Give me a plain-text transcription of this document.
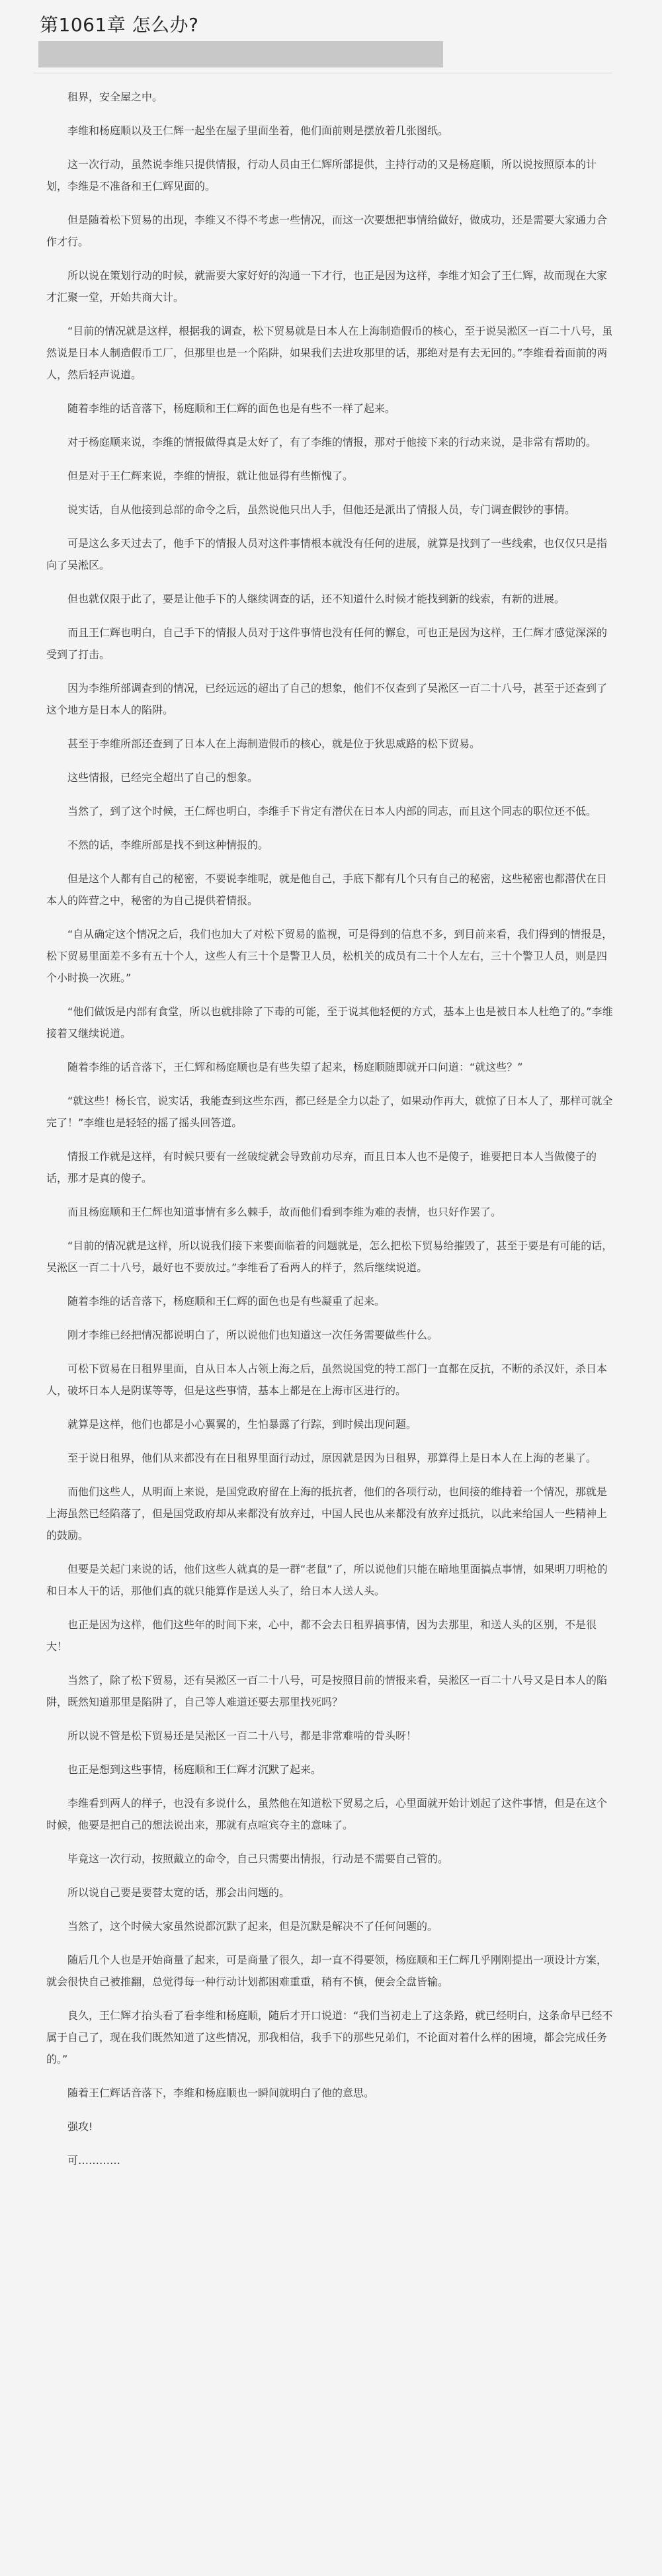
第1061章 怎么办?

租界，安全屋之中。

李维和杨庭顺以及王仁辉一起坐在屋子里面坐着，他们面前则是摆放着几张图纸。

这一次行动，虽然说李维只提供情报，行动人员由王仁辉所部提供，主持行动的又是杨庭顺，所以说按照原本的计划，李维是不准备和王仁辉见面的。

但是随着松下贸易的出现，李维又不得不考虑一些情况，而这一次要想把事情给做好，做成功，还是需要大家通力合作才行。

所以说在策划行动的时候，就需要大家好好的沟通一下才行，也正是因为这样，李维才知会了王仁辉，故而现在大家才汇聚一堂，开始共商大计。

“目前的情况就是这样，根据我的调查，松下贸易就是日本人在上海制造假币的核心，至于说吴淞区一百二十八号，虽然说是日本人制造假币工厂，但那里也是一个陷阱，如果我们去进攻那里的话，那绝对是有去无回的。”李维看着面前的两人，然后轻声说道。

随着李维的话音落下，杨庭顺和王仁辉的面色也是有些不一样了起来。

对于杨庭顺来说，李维的情报做得真是太好了，有了李维的情报，那对于他接下来的行动来说，是非常有帮助的。

但是对于王仁辉来说，李维的情报，就让他显得有些惭愧了。

说实话，自从他接到总部的命令之后，虽然说他只出人手，但他还是派出了情报人员，专门调查假钞的事情。

可是这么多天过去了，他手下的情报人员对这件事情根本就没有任何的进展，就算是找到了一些线索，也仅仅只是指向了吴淞区。

但也就仅限于此了，要是让他手下的人继续调查的话，还不知道什么时候才能找到新的线索，有新的进展。

而且王仁辉也明白，自己手下的情报人员对于这件事情也没有任何的懈怠，可也正是因为这样，王仁辉才感觉深深的受到了打击。

因为李维所部调查到的情况，已经远远的超出了自己的想象，他们不仅查到了吴淞区一百二十八号，甚至于还查到了这个地方是日本人的陷阱。

甚至于李维所部还查到了日本人在上海制造假币的核心，就是位于狄思威路的松下贸易。

这些情报，已经完全超出了自己的想象。

当然了，到了这个时候，王仁辉也明白，李维手下肯定有潜伏在日本人内部的同志，而且这个同志的职位还不低。

不然的话，李维所部是找不到这种情报的。

但是这个人都有自己的秘密，不要说李维呢，就是他自己，手底下都有几个只有自己的秘密，这些秘密也都潜伏在日本人的阵营之中，秘密的为自己提供着情报。

“自从确定这个情况之后，我们也加大了对松下贸易的监视，可是得到的信息不多，到目前来看，我们得到的情报是，松下贸易里面差不多有五十个人，这些人有三十个是警卫人员，松机关的成员有二十个人左右，三十个警卫人员，则是四个小时换一次班。”

“他们做饭是内部有食堂，所以也就排除了下毒的可能，至于说其他轻便的方式，基本上也是被日本人杜绝了的。”李维接着又继续说道。

随着李维的话音落下，王仁辉和杨庭顺也是有些失望了起来，杨庭顺随即就开口问道：“就这些？”

“就这些！杨长官，说实话，我能查到这些东西，都已经是全力以赴了，如果动作再大，就惊了日本人了，那样可就全完了！”李维也是轻轻的摇了摇头回答道。

情报工作就是这样，有时候只要有一丝破绽就会导致前功尽弃，而且日本人也不是傻子，谁要把日本人当做傻子的话，那才是真的傻子。

而且杨庭顺和王仁辉也知道事情有多么棘手，故而他们看到李维为难的表情，也只好作罢了。

“目前的情况就是这样，所以说我们接下来要面临着的问题就是，怎么把松下贸易给摧毁了，甚至于要是有可能的话，吴淞区一百二十八号，最好也不要放过。”李维看了看两人的样子，然后继续说道。

随着李维的话音落下，杨庭顺和王仁辉的面色也是有些凝重了起来。

刚才李维已经把情况都说明白了，所以说他们也知道这一次任务需要做些什么。

可松下贸易在日租界里面，自从日本人占领上海之后，虽然说国党的特工部门一直都在反抗，不断的杀汉奸，杀日本人，破坏日本人是阴谋等等，但是这些事情，基本上都是在上海市区进行的。

就算是这样，他们也都是小心翼翼的，生怕暴露了行踪，到时候出现问题。

至于说日租界，他们从来都没有在日租界里面行动过，原因就是因为日租界，那算得上是日本人在上海的老巢了。

而他们这些人，从明面上来说，是国党政府留在上海的抵抗者，他们的各项行动，也间接的维持着一个情况，那就是上海虽然已经陷落了，但是国党政府却从来都没有放弃过，中国人民也从来都没有放弃过抵抗，以此来给国人一些精神上的鼓励。

但要是关起门来说的话，他们这些人就真的是一群“老鼠”了，所以说他们只能在暗地里面搞点事情，如果明刀明枪的和日本人干的话，那他们真的就只能算作是送人头了，给日本人送人头。

也正是因为这样，他们这些年的时间下来，心中，都不会去日租界搞事情，因为去那里，和送人头的区别，不是很大！

当然了，除了松下贸易，还有吴淞区一百二十八号，可是按照目前的情报来看，吴淞区一百二十八号又是日本人的陷阱，既然知道那里是陷阱了，自己等人难道还要去那里找死吗？

所以说不管是松下贸易还是吴淞区一百二十八号，都是非常难啃的骨头呀！

也正是想到这些事情，杨庭顺和王仁辉才沉默了起来。

李维看到两人的样子，也没有多说什么，虽然他在知道松下贸易之后，心里面就开始计划起了这件事情，但是在这个时候，他要是把自己的想法说出来，那就有点喧宾夺主的意味了。

毕竟这一次行动，按照戴立的命令，自己只需要出情报，行动是不需要自己管的。

所以说自己要是要替太宽的话，那会出问题的。

当然了，这个时候大家虽然说都沉默了起来，但是沉默是解决不了任何问题的。

随后几个人也是开始商量了起来，可是商量了很久，却一直不得要领，杨庭顺和王仁辉几乎刚刚提出一项设计方案，就会很快自己被推翻，总觉得每一种行动计划都困难重重，稍有不慎，便会全盘皆输。

良久，王仁辉才抬头看了看李维和杨庭顺，随后才开口说道：“我们当初走上了这条路，就已经明白，这条命早已经不属于自己了，现在我们既然知道了这些情况，那我相信，我手下的那些兄弟们，不论面对着什么样的困境，都会完成任务的。”

随着王仁辉话音落下，李维和杨庭顺也一瞬间就明白了他的意思。

强攻!

可…………
